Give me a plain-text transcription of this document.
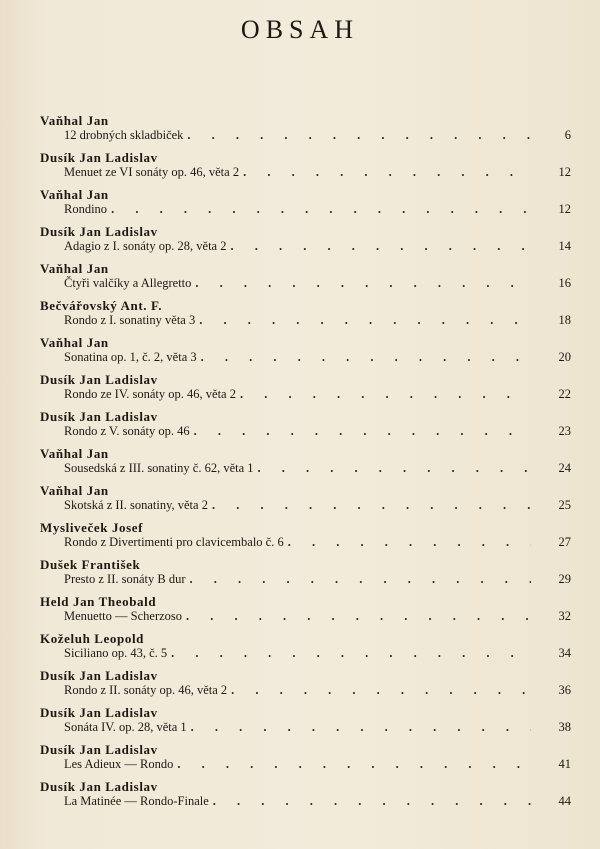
OBSAH
Vaňhal Jan
12 drobných skladbiček . . .	6
Dusík Jan Ladislav
Menuet ze VI sonáty op. 46, věta 2 . . .	12
Vaňhal Jan
Rondino . . .	12
Dusík Jan Ladislav
Adagio z I. sonáty op. 28, věta 2 . . .	14
Vaňhal Jan
Čtyři valčíky a Allegretto . . .	16
Bečvářovský Ant. F.
Rondo z I. sonatiny věta 3 . . .	18
Vaňhal Jan
Sonatina op. 1, č. 2, věta 3 . . .	20
Dusík Jan Ladislav
Rondo ze IV. sonáty op. 46, věta 2 . . .	22
Dusík Jan Ladislav
Rondo z V. sonáty op. 46 . . .	23
Vaňhal Jan
Sousedská z III. sonatiny č. 62, věta 1 . . .	24
Vaňhal Jan
Skotská z II. sonatiny, věta 2 . . .	25
Mysliveček Josef
Rondo z Divertimenti pro clavicembalo č. 6 . . .	27
Dušek František
Presto z II. sonáty B dur . . .	29
Held Jan Theobald
Menuetto — Scherzoso . . .	32
Koželuh Leopold
Siciliano op. 43, č. 5 . . .	34
Dusík Jan Ladislav
Rondo z II. sonáty op. 46, věta 2 . . .	36
Dusík Jan Ladislav
Sonáta IV. op. 28, věta 1 . . .	38
Dusík Jan Ladislav
Les Adieux — Rondo . . .	41
Dusík Jan Ladislav
La Matinée — Rondo-Finale . . .	44
